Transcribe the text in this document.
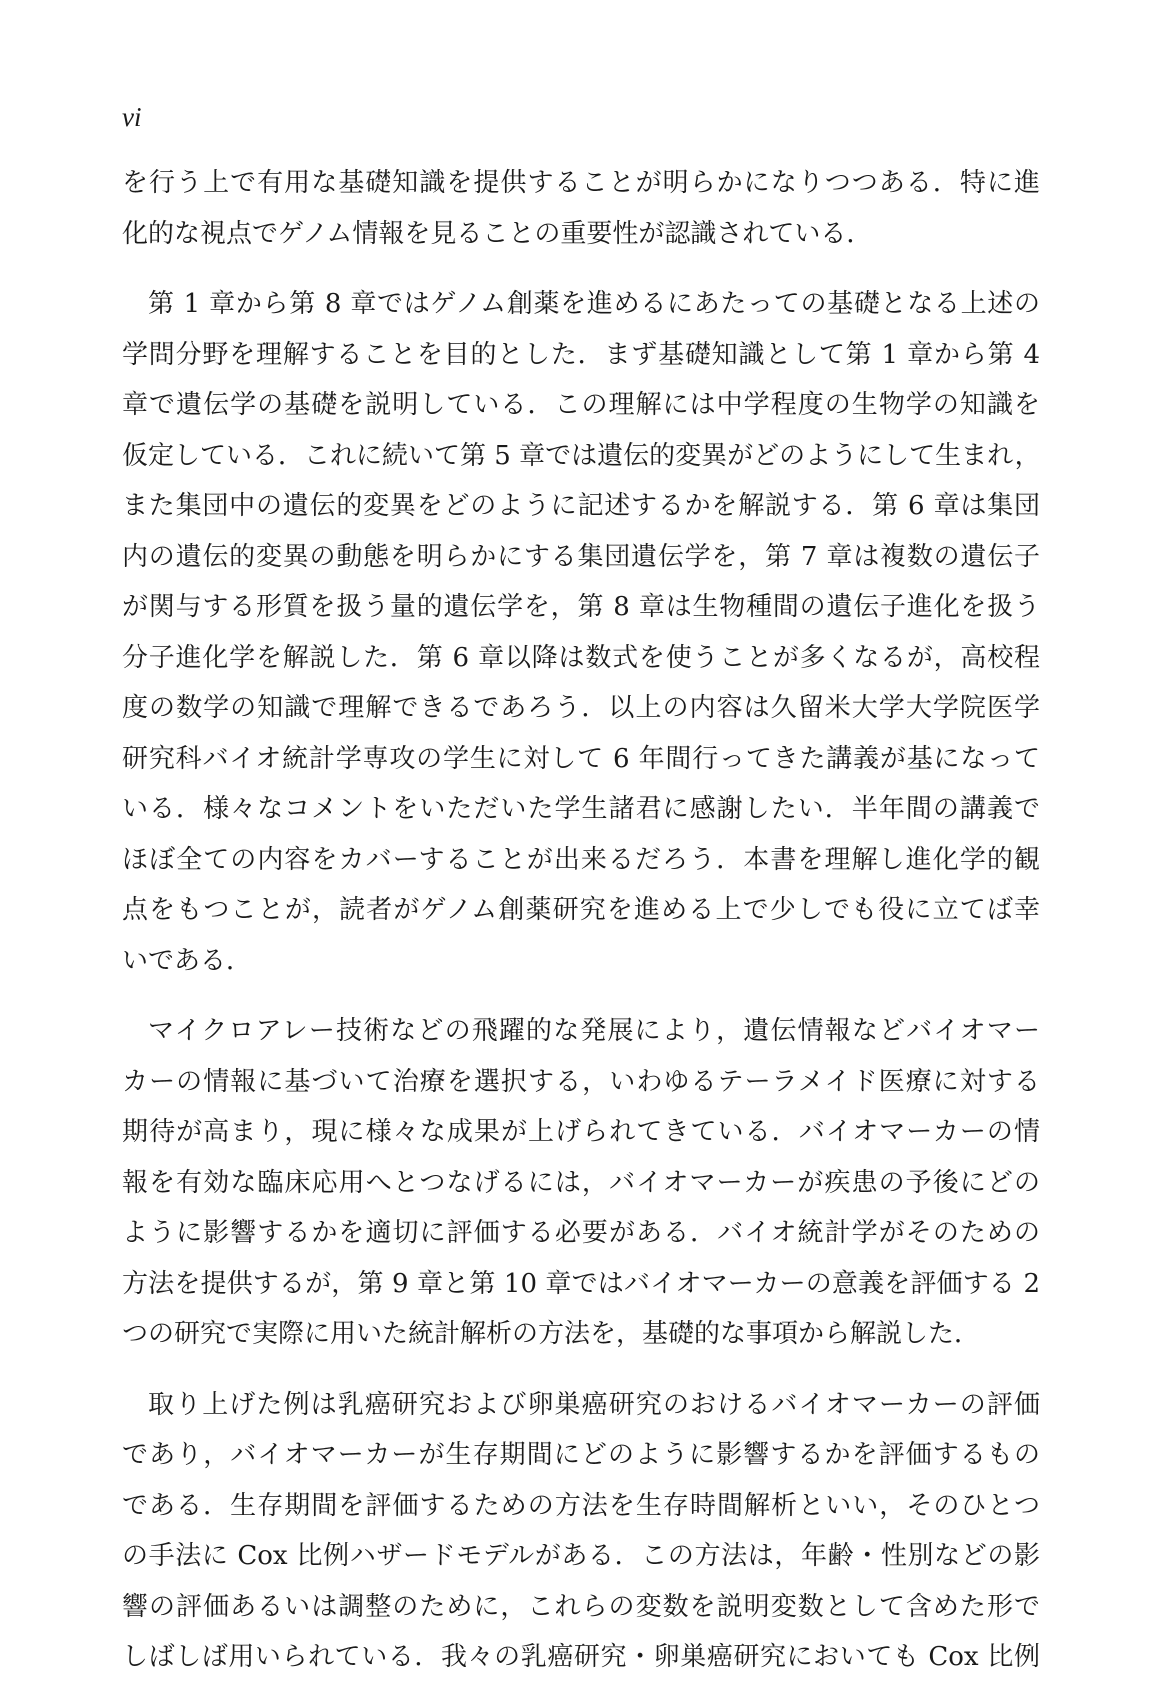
vi

を行う上で有用な基礎知識を提供することが明らかになりつつある．特に進
化的な視点でゲノム情報を見ることの重要性が認識されている．

第 1 章から第 8 章ではゲノム創薬を進めるにあたっての基礎となる上述の
学問分野を理解することを目的とした．まず基礎知識として第 1 章から第 4
章で遺伝学の基礎を説明している．この理解には中学程度の生物学の知識を
仮定している．これに続いて第 5 章では遺伝的変異がどのようにして生まれ，
また集団中の遺伝的変異をどのように記述するかを解説する．第 6 章は集団
内の遺伝的変異の動態を明らかにする集団遺伝学を，第 7 章は複数の遺伝子
が関与する形質を扱う量的遺伝学を，第 8 章は生物種間の遺伝子進化を扱う
分子進化学を解説した．第 6 章以降は数式を使うことが多くなるが，高校程
度の数学の知識で理解できるであろう．以上の内容は久留米大学大学院医学
研究科バイオ統計学専攻の学生に対して 6 年間行ってきた講義が基になって
いる．様々なコメントをいただいた学生諸君に感謝したい．半年間の講義で
ほぼ全ての内容をカバーすることが出来るだろう．本書を理解し進化学的観
点をもつことが，読者がゲノム創薬研究を進める上で少しでも役に立てば幸
いである．

マイクロアレー技術などの飛躍的な発展により，遺伝情報などバイオマー
カーの情報に基づいて治療を選択する，いわゆるテーラメイド医療に対する
期待が高まり，現に様々な成果が上げられてきている．バイオマーカーの情
報を有効な臨床応用へとつなげるには，バイオマーカーが疾患の予後にどの
ように影響するかを適切に評価する必要がある．バイオ統計学がそのための
方法を提供するが，第 9 章と第 10 章ではバイオマーカーの意義を評価する 2
つの研究で実際に用いた統計解析の方法を，基礎的な事項から解説した．

取り上げた例は乳癌研究および卵巣癌研究のおけるバイオマーカーの評価
であり，バイオマーカーが生存期間にどのように影響するかを評価するもの
である．生存期間を評価するための方法を生存時間解析といい，そのひとつ
の手法に Cox 比例ハザードモデルがある．この方法は，年齢・性別などの影
響の評価あるいは調整のために，これらの変数を説明変数として含めた形で
しばしば用いられている．我々の乳癌研究・卵巣癌研究においても Cox 比例
